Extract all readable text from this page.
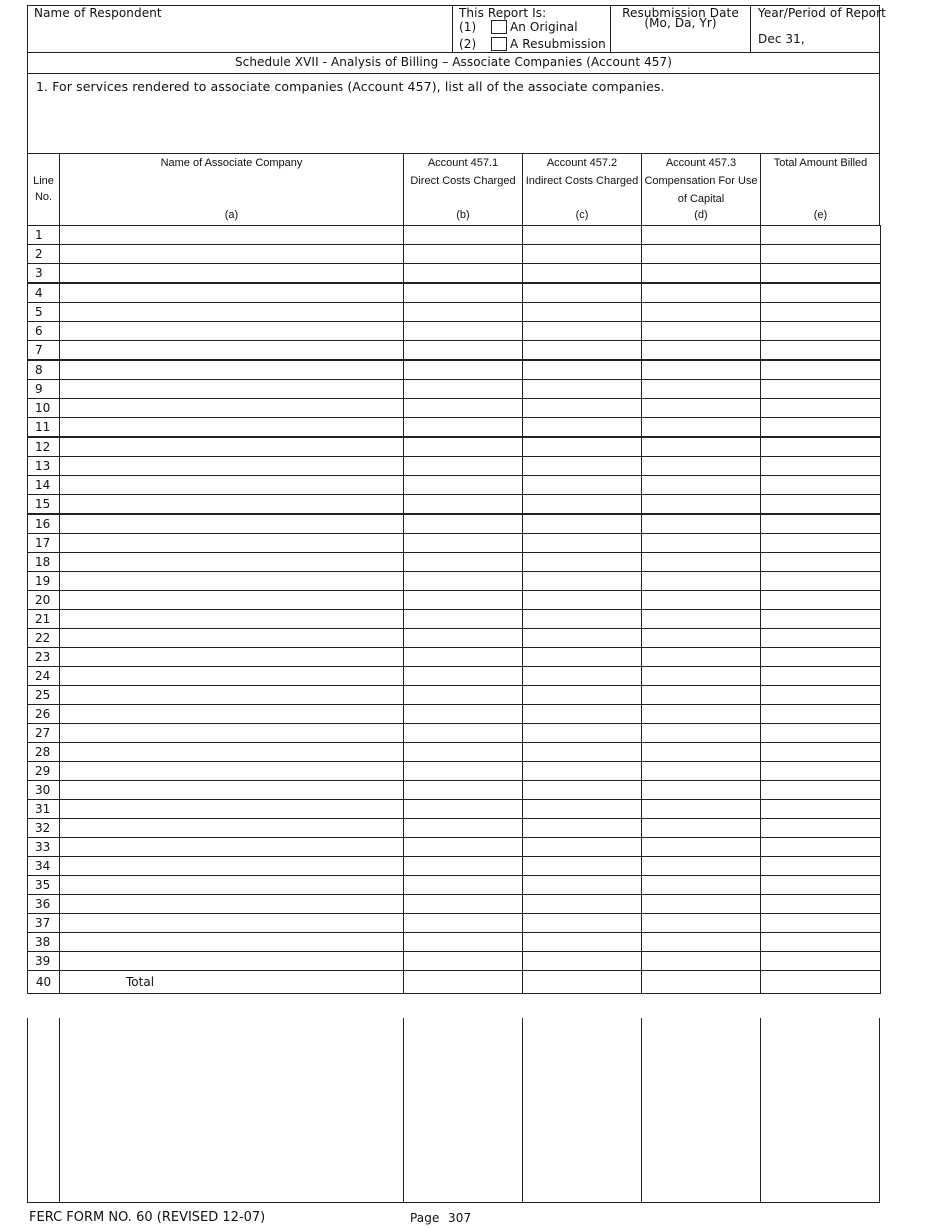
Name of Respondent	This Report Is:
(1)	An Original
(2)	A Resubmission
Resubmission Date
(Mo, Da, Yr)
Year/Period of Report
Dec 31,
Schedule XVII - Analysis of Billing – Associate Companies (Account 457)
1. For services rendered to associate companies (Account 457), list all of the associate companies.
Line
No.
Name of Associate Company
(a)
Account 457.1
Direct Costs Charged
(b)
Account 457.2
Indirect Costs Charged
(c)
Account 457.3
Compensation For Use
of Capital
(d)
Total Amount Billed
(e)
1					
2					
3					
4					
5					
6					
7					
8					
9					
10					
11					
12					
13					
14					
15					
16					
17					
18					
19					
20					
21					
22					
23					
24					
25					
26					
27					
28					
29					
30					
31					
32					
33					
34					
35					
36					
37					
38					
39					
40	Total				
FERC FORM NO. 60 (REVISED 12-07)	Page 307
